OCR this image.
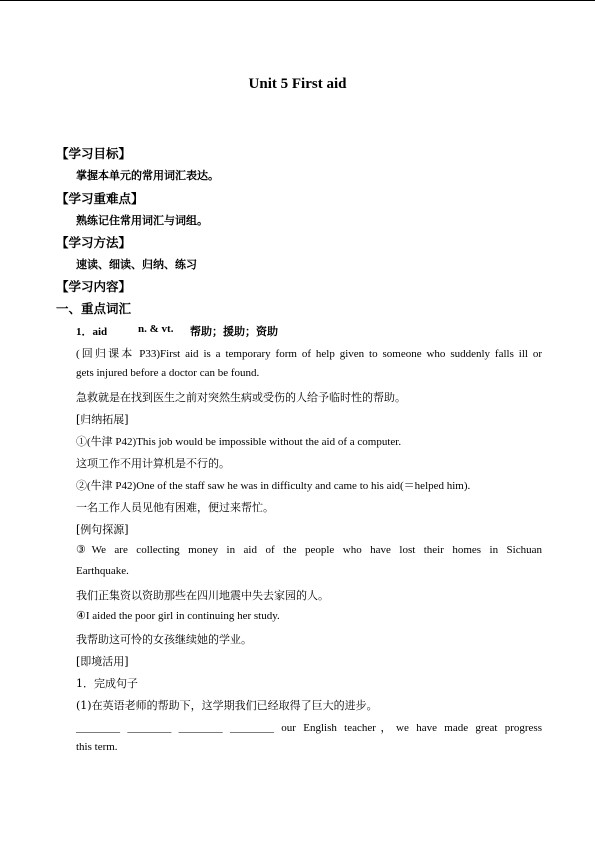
Unit 5 First aid
【学习目标】
掌握本单元的常用词汇表达。
【学习重难点】
熟练记住常用词汇与词组。
【学习方法】
速读、细读、归纳、练习
【学习内容】
一、重点词汇
1．aid	n. & vt. 帮助；援助；资助
(回归课本 P33)First aid is a temporary form of help given to someone who suddenly falls ill or
gets injured before a doctor can be found.
急救就是在找到医生之前对突然生病或受伤的人给予临时性的帮助。
[归纳拓展]
①(牛津 P42)This job would be impossible without the aid of a computer.
这项工作不用计算机是不行的。
②(牛津 P42)One of the staff saw he was in difficulty and came to his aid(＝helped him).
一名工作人员见他有困难，便过来帮忙。
[例句探源]
③We are collecting money in aid of the people who have lost their homes in Sichuan
Earthquake.
我们正集资以资助那些在四川地震中失去家园的人。
④I aided the poor girl in continuing her study.
我帮助这可怜的女孩继续她的学业。
[即境活用]
1．完成句子
(1)在英语老师的帮助下，这学期我们已经取得了巨大的进步。
________ ________ ________ ________ our English teacher，we have made great progress
this term.
